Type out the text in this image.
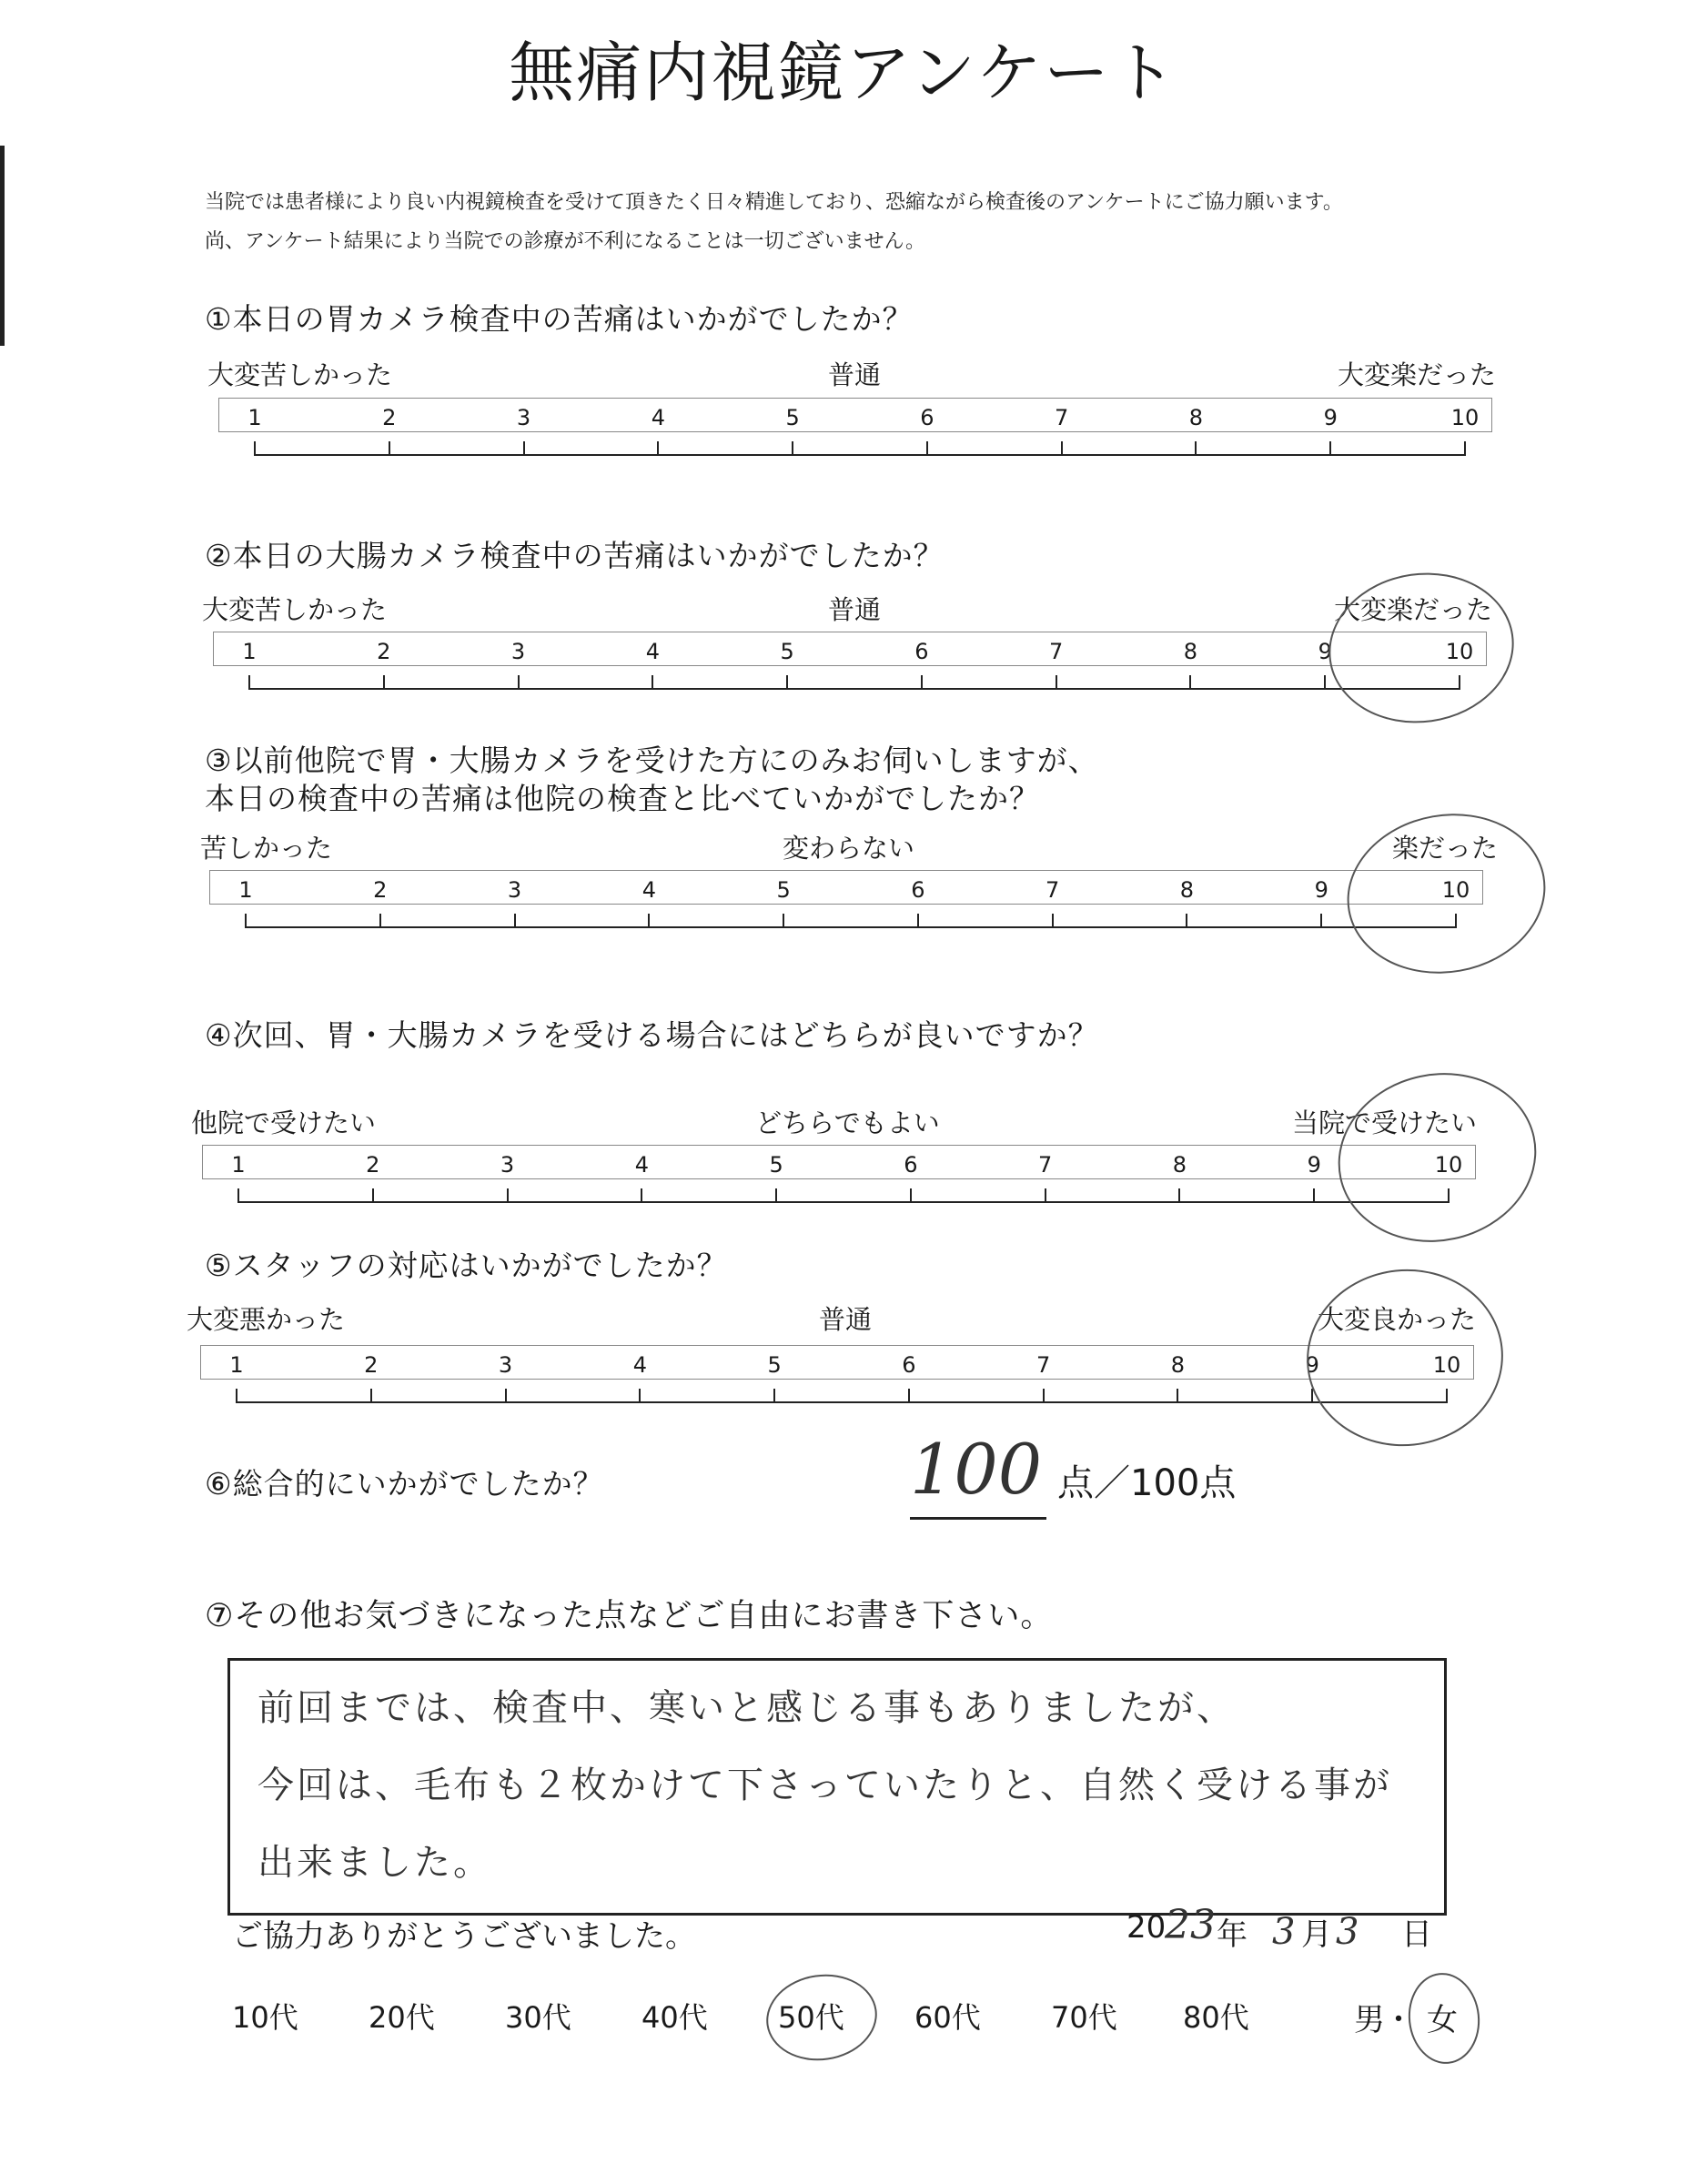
無痛内視鏡アンケート
当院では患者様により良い内視鏡検査を受けて頂きたく日々精進しており、恐縮ながら検査後のアンケートにご協力願います。
尚、アンケート結果により当院での診療が不利になることは一切ございません。
①本日の胃カメラ検査中の苦痛はいかがでしたか？
大変苦しかった	普通	大変楽だった
1	2	3	4	5	6	7	8	9	10
②本日の大腸カメラ検査中の苦痛はいかがでしたか？
大変苦しかった	普通	大変楽だった
1	2	3	4	5	6	7	8	9	10
③以前他院で胃・大腸カメラを受けた方にのみお伺いしますが、
本日の検査中の苦痛は他院の検査と比べていかがでしたか？
苦しかった	変わらない	楽だった
1	2	3	4	5	6	7	8	9	10
④次回、胃・大腸カメラを受ける場合にはどちらが良いですか？
他院で受けたい	どちらでもよい	当院で受けたい
1	2	3	4	5	6	7	8	9	10
⑤スタッフの対応はいかがでしたか？
大変悪かった	普通	大変良かった
1	2	3	4	5	6	7	8	9	10
⑥総合的にいかがでしたか？	100 点／100点
⑦その他お気づきになった点などご自由にお書き下さい。
前回までは、検査中、寒いと感じる事もありましたが、
今回は、毛布も２枚かけて下さっていたりと、自然く受ける事が
出来ました。
ご協力ありがとうございました。	20
23 年 3 月 3 日
10代 20代 30代 40代 50代 60代 70代 80代	男
・ 女
